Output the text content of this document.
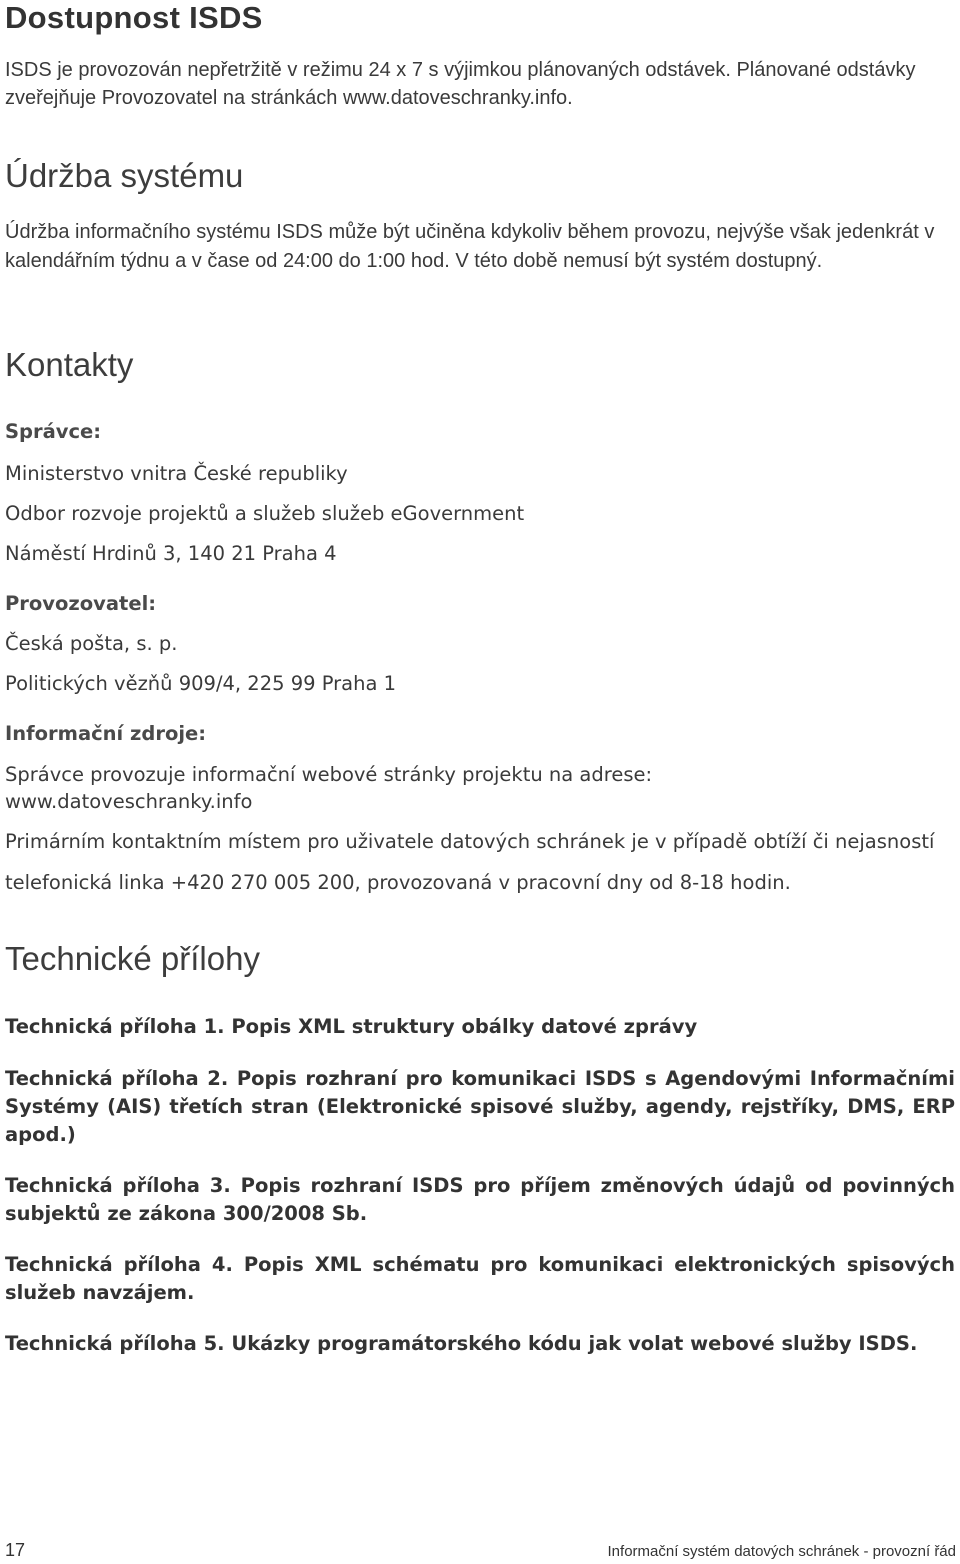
Dostupnost ISDS
ISDS je provozován nepřetržitě v režimu 24 x 7 s výjimkou plánovaných odstávek. Plánované odstávky zveřejňuje Provozovatel na stránkách www.datoveschranky.info.
Údržba systému
Údržba informačního systému ISDS může být učiněna kdykoliv během provozu, nejvýše však jedenkrát v kalendářním týdnu a v čase od 24:00 do 1:00 hod. V této době nemusí být systém dostupný.
Kontakty
Správce:
Ministerstvo vnitra České republiky
Odbor rozvoje projektů a služeb služeb eGovernment
Náměstí Hrdinů 3, 140 21 Praha 4
Provozovatel:
Česká pošta, s. p.
Politických vězňů 909/4, 225 99 Praha 1
Informační zdroje:
Správce provozuje informační webové stránky projektu na adrese:
www.datoveschranky.info
Primárním kontaktním místem pro uživatele datových schránek je v případě obtíží či nejasností
telefonická linka +420 270 005 200, provozovaná v pracovní dny od 8-18 hodin.
Technické přílohy
Technická příloha 1. Popis XML struktury obálky datové zprávy
Technická příloha 2. Popis rozhraní pro komunikaci ISDS s Agendovými Informačními Systémy (AIS) třetích stran (Elektronické spisové služby, agendy, rejstříky, DMS, ERP apod.)
Technická příloha 3. Popis rozhraní ISDS pro příjem změnových údajů od povinných subjektů ze zákona 300/2008 Sb.
Technická příloha 4. Popis XML schématu pro komunikaci elektronických spisových služeb navzájem.
Technická příloha 5. Ukázky programátorského kódu jak volat webové služby ISDS.
17	Informační systém datových schránek - provozní řád
